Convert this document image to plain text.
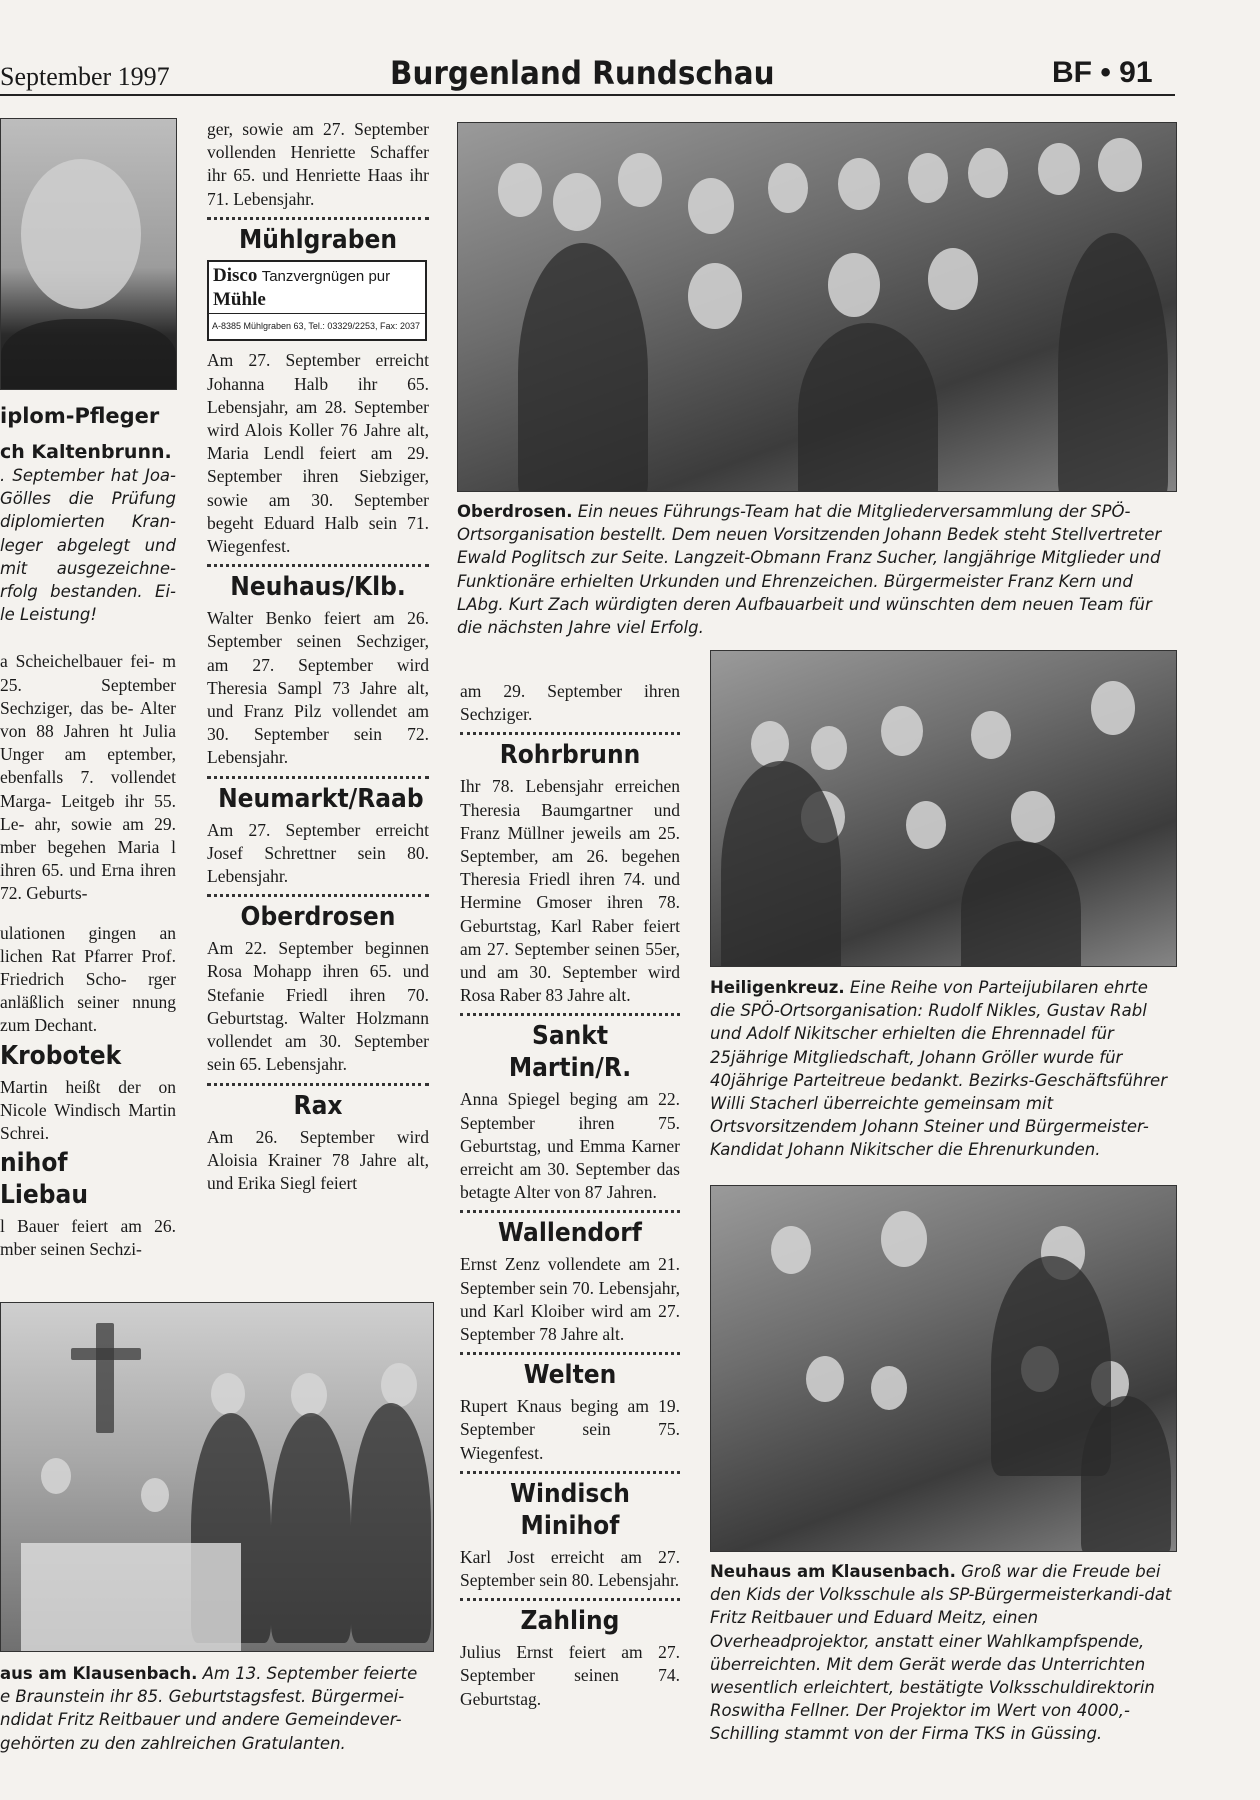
September 1997	Burgenland Rundschau	BF • 91
iplom-Pfleger
ch Kaltenbrunn.

. September hat Joa- Gölles die Prüfung diplomierten Kran- leger abgelegt und mit ausgezeichne- rfolg bestanden. Ei- le Leistung!

a Scheichelbauer fei- m 25. September Sechziger, das be- Alter von 88 Jahren ht Julia Unger am eptember, ebenfalls 7. vollendet Marga- Leitgeb ihr 55. Le- ahr, sowie am 29. mber begehen Maria l ihren 65. und Erna ihren 72. Geburts-

ulationen gingen an lichen Rat Pfarrer Prof. Friedrich Scho- rger anläßlich seiner nnung zum Dechant.

Krobotek

Martin heißt der on Nicole Windisch Martin Schrei.

nihof Liebau

l Bauer feiert am 26. mber seinen Sechzi-

ger, sowie am 27. September vollenden Henriette Schaffer ihr 65. und Henriette Haas ihr 71. Lebensjahr.

Mühlgraben
Disco Tanzvergnügen pur
Mühle
A-8385 Mühlgraben 63, Tel.: 03329/2253, Fax: 2037

Am 27. September erreicht Johanna Halb ihr 65. Lebensjahr, am 28. September wird Alois Koller 76 Jahre alt, Maria Lendl feiert am 29. September ihren Siebziger, sowie am 30. September begeht Eduard Halb sein 71. Wiegenfest.

Neuhaus/Klb.

Walter Benko feiert am 26. September seinen Sechziger, am 27. September wird Theresia Sampl 73 Jahre alt, und Franz Pilz vollendet am 30. September sein 72. Lebensjahr.

Neumarkt/Raab

Am 27. September erreicht Josef Schrettner sein 80. Lebensjahr.

Oberdrosen

Am 22. September beginnen Rosa Mohapp ihren 65. und Stefanie Friedl ihren 70. Geburtstag. Walter Holzmann vollendet am 30. September sein 65. Lebensjahr.

Rax

Am 26. September wird Aloisia Krainer 78 Jahre alt, und Erika Siegl feiert

Oberdrosen. Ein neues Führungs-Team hat die Mitgliederversammlung der SPÖ-Ortsorganisation bestellt. Dem neuen Vorsitzenden Johann Bedek steht Stellvertreter Ewald Poglitsch zur Seite. Langzeit-Obmann Franz Sucher, langjährige Mitglieder und Funktionäre erhielten Urkunden und Ehrenzeichen. Bürgermeister Franz Kern und LAbg. Kurt Zach würdigten deren Aufbauarbeit und wünschten dem neuen Team für die nächsten Jahre viel Erfolg.

am 29. September ihren Sechziger.

Rohrbrunn

Ihr 78. Lebensjahr erreichen Theresia Baumgartner und Franz Müllner jeweils am 25. September, am 26. begehen Theresia Friedl ihren 74. und Hermine Gmoser ihren 78. Geburtstag, Karl Raber feiert am 27. September seinen 55er, und am 30. September wird Rosa Raber 83 Jahre alt.

Sankt Martin/R.

Anna Spiegel beging am 22. September ihren 75. Geburtstag, und Emma Karner erreicht am 30. September das betagte Alter von 87 Jahren.

Wallendorf

Ernst Zenz vollendete am 21. September sein 70. Lebensjahr, und Karl Kloiber wird am 27. September 78 Jahre alt.

Welten

Rupert Knaus beging am 19. September sein 75. Wiegenfest.

Windisch Minihof

Karl Jost erreicht am 27. September sein 80. Lebensjahr.

Zahling

Julius Ernst feiert am 27. September seinen 74. Geburtstag.

Heiligenkreuz. Eine Reihe von Parteijubilaren ehrte die SPÖ-Ortsorganisation: Rudolf Nikles, Gustav Rabl und Adolf Nikitscher erhielten die Ehrennadel für 25jährige Mitgliedschaft, Johann Gröller wurde für 40jährige Parteitreue bedankt. Bezirks-Geschäftsführer Willi Stacherl überreichte gemeinsam mit Ortsvorsitzendem Johann Steiner und Bürgermeister-Kandidat Johann Nikitscher die Ehrenurkunden.
Neuhaus am Klausenbach. Groß war die Freude bei den Kids der Volksschule als SP-Bürgermeisterkandi-dat Fritz Reitbauer und Eduard Meitz, einen Overheadprojektor, anstatt einer Wahlkampfspende, überreichten. Mit dem Gerät werde das Unterrichten wesentlich erleichtert, bestätigte Volksschuldirektorin Roswitha Fellner. Der Projektor im Wert von 4000,-Schilling stammt von der Firma TKS in Güssing.
aus am Klausenbach. Am 13. September feierte e Braunstein ihr 85. Geburtstagsfest. Bürgermei- ndidat Fritz Reitbauer und andere Gemeindever- gehörten zu den zahlreichen Gratulanten.
